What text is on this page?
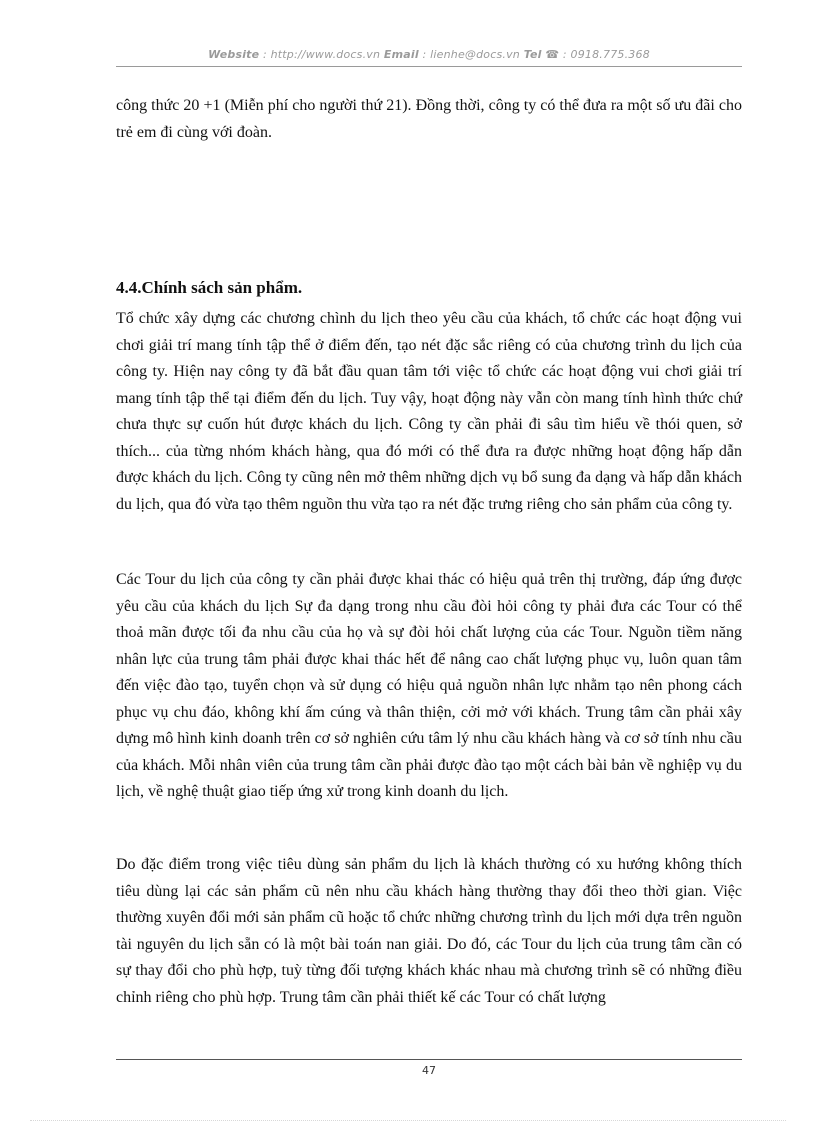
Website : http://www.docs.vn Email : lienhe@docs.vn Tel ☎ : 0918.775.368

công thức 20 +1 (Miễn phí cho người thứ 21). Đồng thời, công ty có thể đưa ra một số ưu đãi cho trẻ em đi cùng với đoàn.

4.4.Chính sách sản phẩm.

Tổ chức xây dựng các chương chình du lịch theo yêu cầu của khách, tổ chức các hoạt động vui chơi giải trí mang tính tập thể ở điểm đến, tạo nét đặc sắc riêng có của chương trình du lịch của công ty. Hiện nay công ty đã bắt đầu quan tâm tới việc tổ chức các hoạt động vui chơi giải trí mang tính tập thể tại điểm đến du lịch. Tuy vậy, hoạt động này vẫn còn mang tính hình thức chứ chưa thực sự cuốn hút được khách du lịch. Công ty cần phải đi sâu tìm hiểu về thói quen, sở thích... của từng nhóm khách hàng, qua đó mới có thể đưa ra được những hoạt động hấp dẫn được khách du lịch. Công ty cũng nên mở thêm những dịch vụ bổ sung đa dạng và hấp dẫn khách du lịch, qua đó vừa tạo thêm nguồn thu vừa tạo ra nét đặc trưng riêng cho sản phẩm của công ty.

Các Tour du lịch của công ty cần phải được khai thác có hiệu quả trên thị trường, đáp ứng được yêu cầu của khách du lịch Sự đa dạng trong nhu cầu đòi hỏi công ty phải đưa các Tour có thể thoả mãn được tối đa nhu cầu của họ và sự đòi hỏi chất lượng của các Tour. Nguồn tiềm năng nhân lực của trung tâm phải được khai thác hết để nâng cao chất lượng phục vụ, luôn quan tâm đến việc đào tạo, tuyển chọn và sử dụng có hiệu quả nguồn nhân lực nhằm tạo nên phong cách phục vụ chu đáo, không khí ấm cúng và thân thiện, cởi mở với khách. Trung tâm cần phải xây dựng mô hình kinh doanh trên cơ sở nghiên cứu tâm lý nhu cầu khách hàng và cơ sở tính nhu cầu của khách. Mỗi nhân viên của trung tâm cần phải được đào tạo một cách bài bản về nghiệp vụ du lịch, về nghệ thuật giao tiếp ứng xử trong kinh doanh du lịch.

Do đặc điểm trong việc tiêu dùng sản phẩm du lịch là khách thường có xu hướng không thích tiêu dùng lại các sản phẩm cũ nên nhu cầu khách hàng thường thay đổi theo thời gian. Việc thường xuyên đổi mới sản phẩm cũ hoặc tổ chức những chương trình du lịch mới dựa trên nguồn tài nguyên du lịch sẵn có là một bài toán nan giải. Do đó, các Tour du lịch của trung tâm cần có sự thay đổi cho phù hợp, tuỳ từng đối tượng khách khác nhau mà chương trình sẽ có những điều chỉnh riêng cho phù hợp. Trung tâm cần phải thiết kế các Tour có chất lượng

47
